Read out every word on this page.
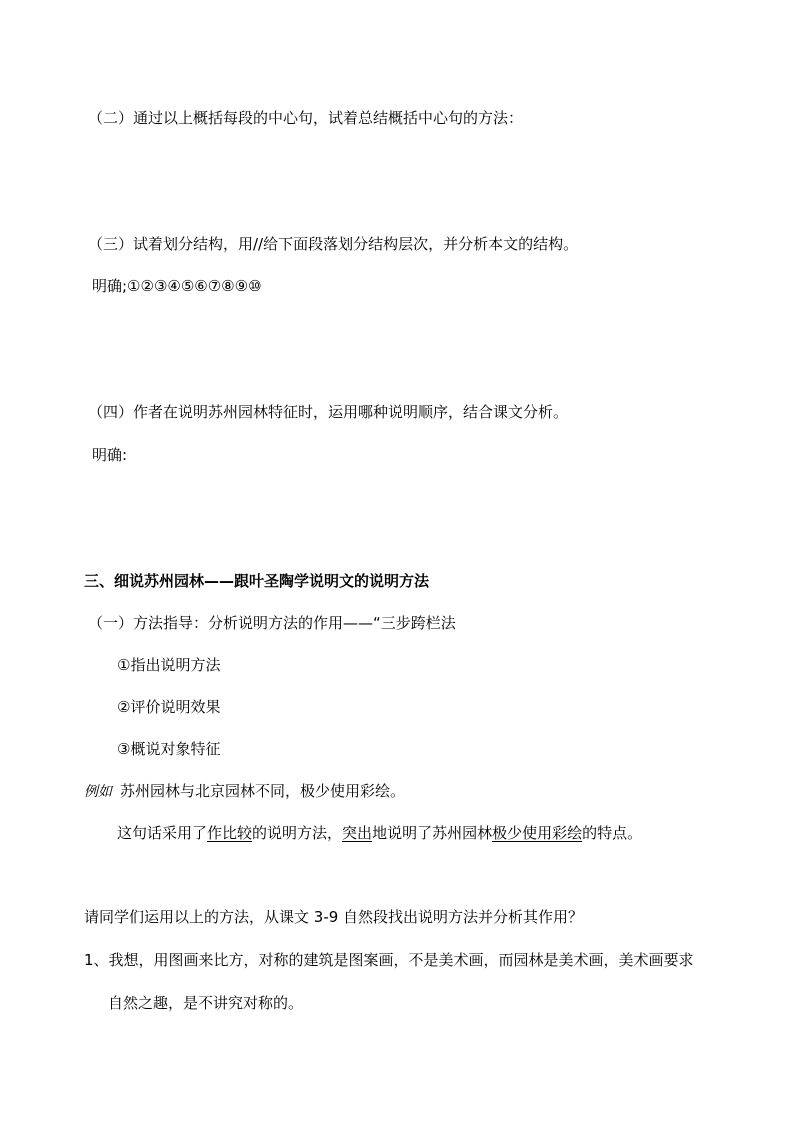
（二）通过以上概括每段的中心句，试着总结概括中心句的方法：
（三）试着划分结构，用//给下面段落划分结构层次，并分析本文的结构。
明确;①②③④⑤⑥⑦⑧⑨⑩
（四）作者在说明苏州园林特征时，运用哪种说明顺序，结合课文分析。
明确:
三、细说苏州园林——跟叶圣陶学说明文的说明方法
（一）方法指导：分析说明方法的作用——“三步跨栏法
①指出说明方法
②评价说明效果
③概说对象特征
例如 苏州园林与北京园林不同，极少使用彩绘。
这句话采用了作比较的说明方法，突出地说明了苏州园林极少使用彩绘的特点。
请同学们运用以上的方法，从课文 3-9 自然段找出说明方法并分析其作用？
1、我想，用图画来比方，对称的建筑是图案画，不是美术画，而园林是美术画，美术画要求
自然之趣，是不讲究对称的。
